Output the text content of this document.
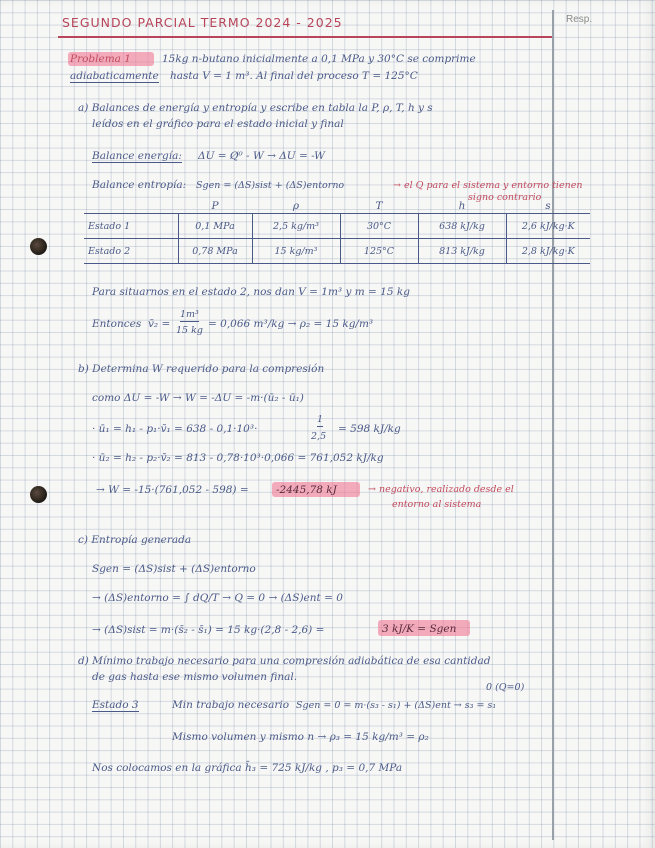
Resp.
SEGUNDO PARCIAL TERMO 2024 - 2025
Problema 1	15kg n-butano inicialmente a 0,1 MPa y 30°C se comprime
adiabaticamente hasta V = 1 m³. Al final del proceso T = 125°C
a) Balances de energía y entropía y escribe en tabla la P, ρ, T, h y s
leídos en el gráfico para el estado inicial y final
Balance energía: ΔU = Q̸⁰ - W → ΔU = -W
Balance entropía: Sgen = (ΔS)sist + (ΔS)entorno	→ el Q para el sistema y entorno tienen
signo contrario
	P	ρ	T	h	s
Estado 1	0,1 MPa	2,5 kg/m³	30°C	638 kJ/kg	2,6 kJ/kg·K
Estado 2	0,78 MPa	15 kg/m³	125°C	813 kJ/kg	2,8 kJ/kg·K
Para situarnos en el estado 2, nos dan V = 1m³ y m = 15 kg
Entonces v̄₂ =
1m³
15 kg
= 0,066 m³/kg → ρ₂ = 15 kg/m³
b) Determina W requerido para la compresión
como ΔU = -W → W = -ΔU = -m·(ū₂ - ū₁)
· ū₁ = h₁ - p₁·v̄₁ = 638 - 0,1·10³·
1
2,5
= 598 kJ/kg
· ū₂ = h₂ - p₂·v̄₂ = 813 - 0,78·10³·0,066 = 761,052 kJ/kg
→ W = -15·(761,052 - 598) =	-2445,78 kJ	→ negativo, realizado desde el
entorno al sistema
c) Entropía generada
Sgen = (ΔS)sist + (ΔS)entorno
→ (ΔS)entorno = ∫ dQ/T → Q = 0 → (ΔS)ent = 0
→ (ΔS)sist = m·(s̄₂ - s̄₁) = 15 kg·(2,8 - 2,6) =	3 kJ/K = Sgen
d) Mínimo trabajo necesario para una compresión adiabática de esa cantidad
de gas hasta ese mismo volumen final.
0 (Q=0)
Estado 3	Min trabajo necesario Sgen = 0 = m·(s₃ - s₁) + (ΔS)ent → s₃ = s₁
Mismo volumen y mismo n → ρ₃ = 15 kg/m³ = ρ₂
Nos colocamos en la gráfica h̄₃ = 725 kJ/kg , p₃ = 0,7 MPa
